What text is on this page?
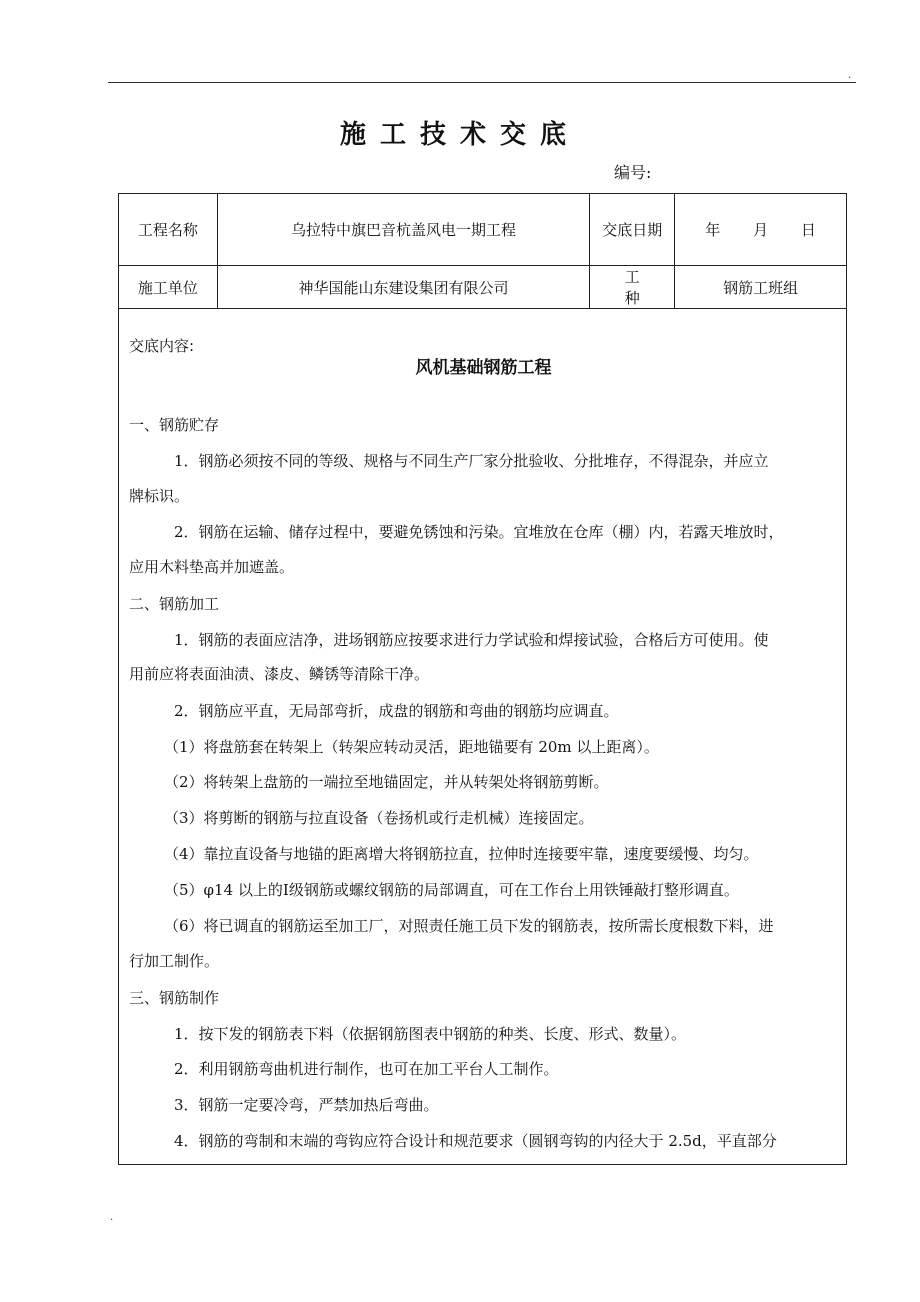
.
施工技术交底
编号:
工程名称	乌拉特中旗巴音杭盖风电一期工程	交底日期	年 月 日
施工单位	神华国能山东建设集团有限公司	工种	钢筋工班组
交底内容:
风机基础钢筋工程
一、钢筋贮存
1．钢筋必须按不同的等级、规格与不同生产厂家分批验收、分批堆存，不得混杂，并应立
牌标识。
2．钢筋在运输、储存过程中，要避免锈蚀和污染。宜堆放在仓库（棚）内，若露天堆放时，
应用木料垫高并加遮盖。
二、钢筋加工
1．钢筋的表面应洁净，进场钢筋应按要求进行力学试验和焊接试验，合格后方可使用。使
用前应将表面油渍、漆皮、鳞锈等清除干净。
2．钢筋应平直，无局部弯折，成盘的钢筋和弯曲的钢筋均应调直。
（1）将盘筋套在转架上（转架应转动灵活，距地锚要有 20m 以上距离）。
（2）将转架上盘筋的一端拉至地锚固定，并从转架处将钢筋剪断。
（3）将剪断的钢筋与拉直设备（卷扬机或行走机械）连接固定。
（4）靠拉直设备与地锚的距离增大将钢筋拉直，拉伸时连接要牢靠，速度要缓慢、均匀。
（5）φ14 以上的Ⅰ级钢筋或螺纹钢筋的局部调直，可在工作台上用铁锤敲打整形调直。
（6）将已调直的钢筋运至加工厂，对照责任施工员下发的钢筋表，按所需长度根数下料，进
行加工制作。
三、钢筋制作
1．按下发的钢筋表下料（依据钢筋图表中钢筋的种类、长度、形式、数量）。
2．利用钢筋弯曲机进行制作，也可在加工平台人工制作。
3．钢筋一定要冷弯，严禁加热后弯曲。
4．钢筋的弯制和末端的弯钩应符合设计和规范要求（圆钢弯钩的内径大于 2.5d，平直部分
.
